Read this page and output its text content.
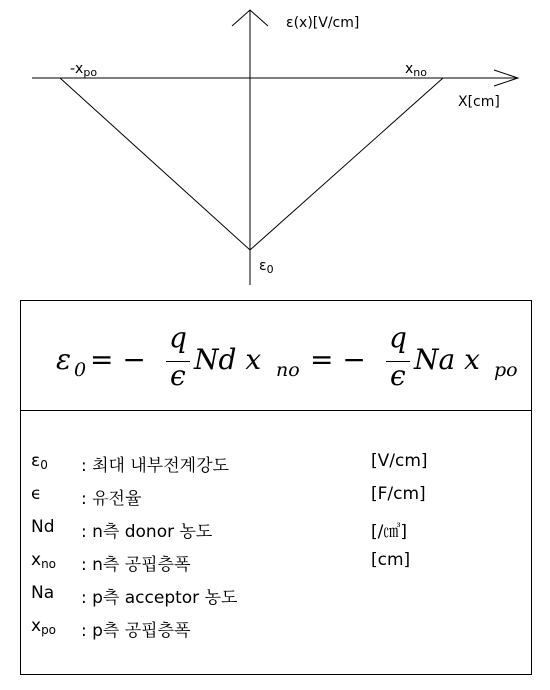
ε(x)[V/cm]
X[cm]
$-x_{po}$	$x_{no}$
$\varepsilon_0$
ε 0 = −
q
ϵ Nd x no = −
q
ϵ Na x po
ε0 : 최대 내부전계강도	[V/cm]
ϵ : 유전율	[F/cm]
Nd : n측 donor 농도	[/㎤]
xno : n측 공핍층폭	[cm]
Na : p측 acceptor 농도
xpo : p측 공핍층폭
